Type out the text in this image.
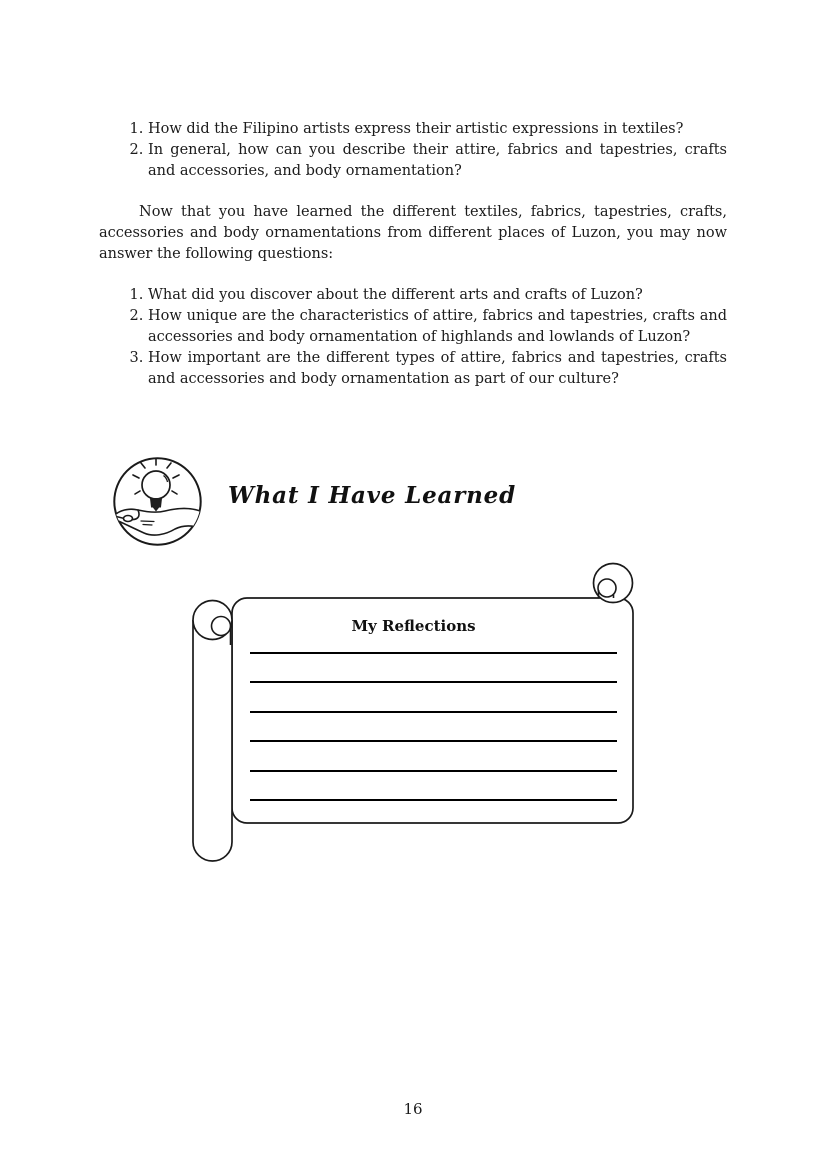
1. How did the Filipino artists express their artistic expressions in textiles?
2. In general, how can you describe their attire, fabrics and tapestries, crafts and accessories, and body ornamentation?

Now that you have learned the different textiles, fabrics, tapestries, crafts, accessories and body ornamentations from different places of Luzon, you may now answer the following questions:

1. What did you discover about the different arts and crafts of Luzon?
2. How unique are the characteristics of attire, fabrics and tapestries, crafts and accessories and body ornamentation of highlands and lowlands of Luzon?
3. How important are the different types of attire, fabrics and tapestries, crafts and accessories and body ornamentation as part of our culture?
What I Have Learned
My Reflections
16
